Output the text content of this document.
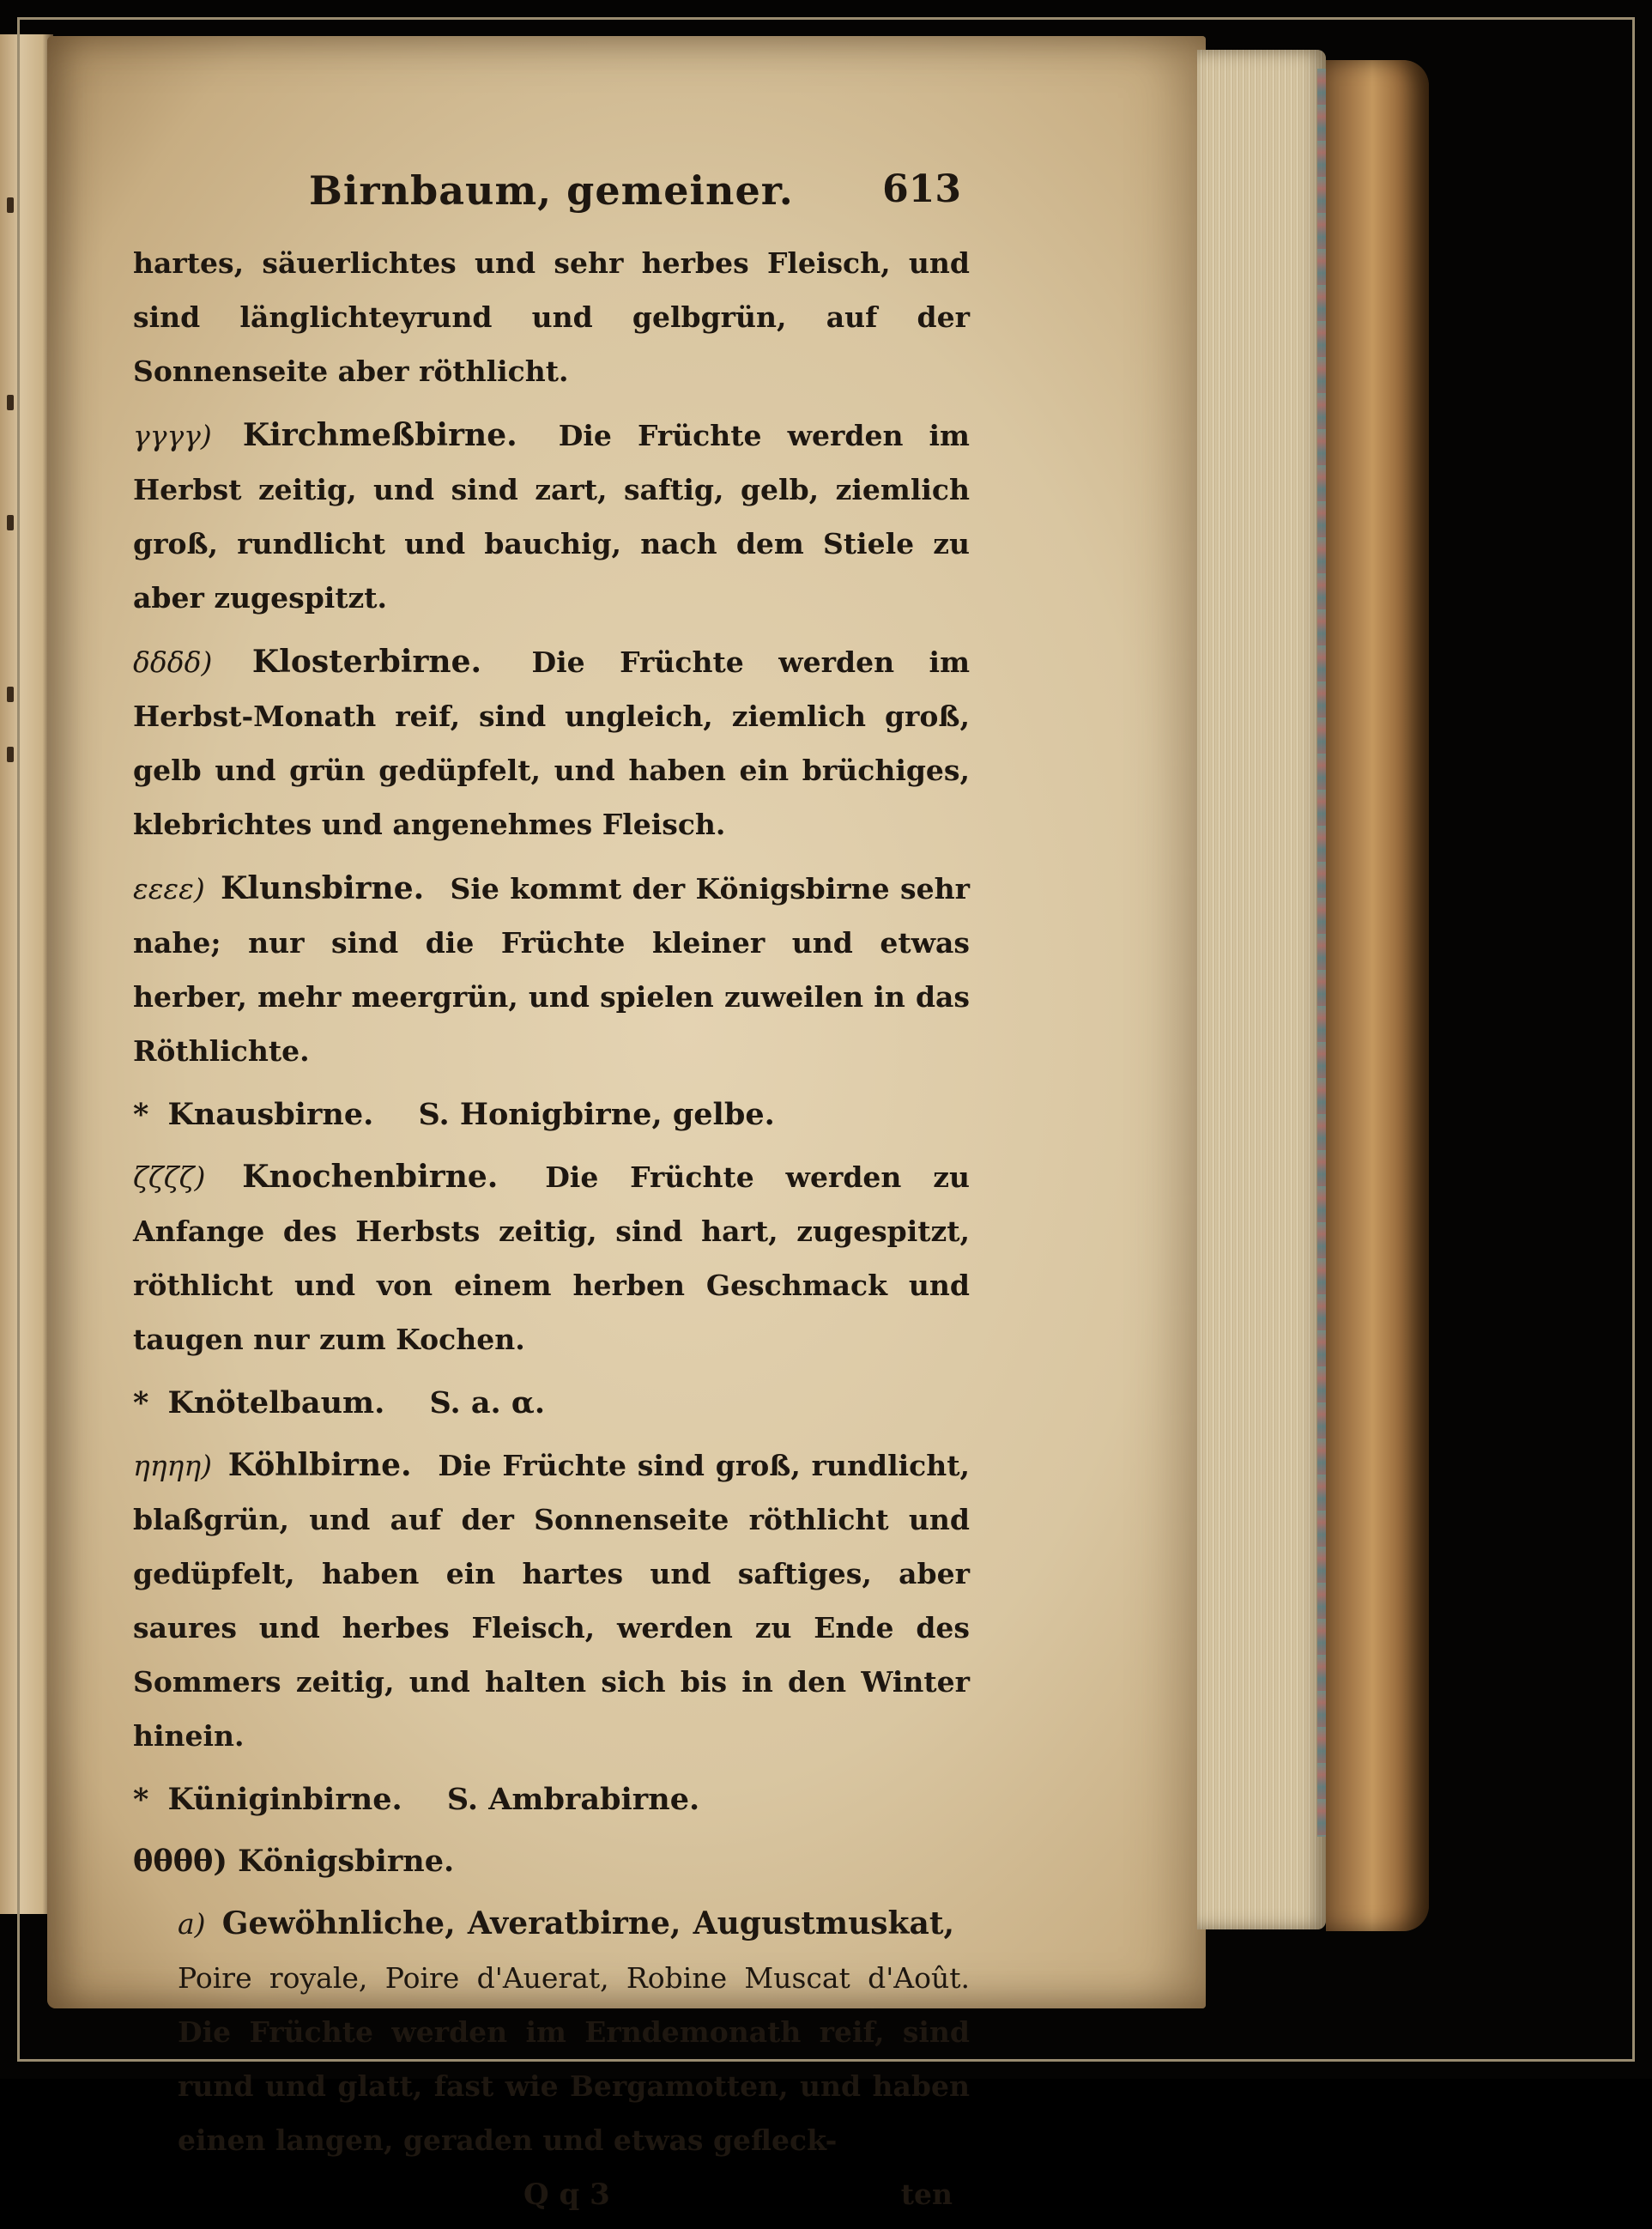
Birnbaum, gemeiner. 613

hartes, säuerlichtes und sehr herbes Fleisch, und sind länglichteyrund und gelbgrün, auf der Sonnenseite aber röthlicht.

γγγγ) Kirchmeßbirne. Die Früchte werden im Herbst zeitig, und sind zart, saftig, gelb, ziemlich groß, rundlicht und bauchig, nach dem Stiele zu aber zugespitzt.

δδδδ) Klosterbirne. Die Früchte werden im Herbst-Monath reif, sind ungleich, ziemlich groß, gelb und grün gedüpfelt, und haben ein brüchiges, klebrichtes und angenehmes Fleisch.

εεεε) Klunsbirne. Sie kommt der Königsbirne sehr nahe; nur sind die Früchte kleiner und etwas herber, mehr meergrün, und spielen zuweilen in das Röthlichte.

* Knausbirne. S. Honigbirne, gelbe.

ζζζζ) Knochenbirne. Die Früchte werden zu Anfange des Herbsts zeitig, sind hart, zugespitzt, röthlicht und von einem herben Geschmack und taugen nur zum Kochen.

* Knötelbaum. S. a. α.

ηηηη) Köhlbirne. Die Früchte sind groß, rundlicht, blaßgrün, und auf der Sonnenseite röthlicht und gedüpfelt, haben ein hartes und saftiges, aber saures und herbes Fleisch, werden zu Ende des Sommers zeitig, und halten sich bis in den Winter hinein.

* Küniginbirne. S. Ambrabirne.

θθθθ) Königsbirne.

a) Gewöhnliche, Averatbirne, Augustmuskat, Poire royale, Poire d'Auerat, Robine Muscat d'Août. Die Früchte werden im Erndemonath reif, sind rund und glatt, fast wie Bergamotten, und haben einen langen, geraden und etwas gefleck-

Q q 3	ten
